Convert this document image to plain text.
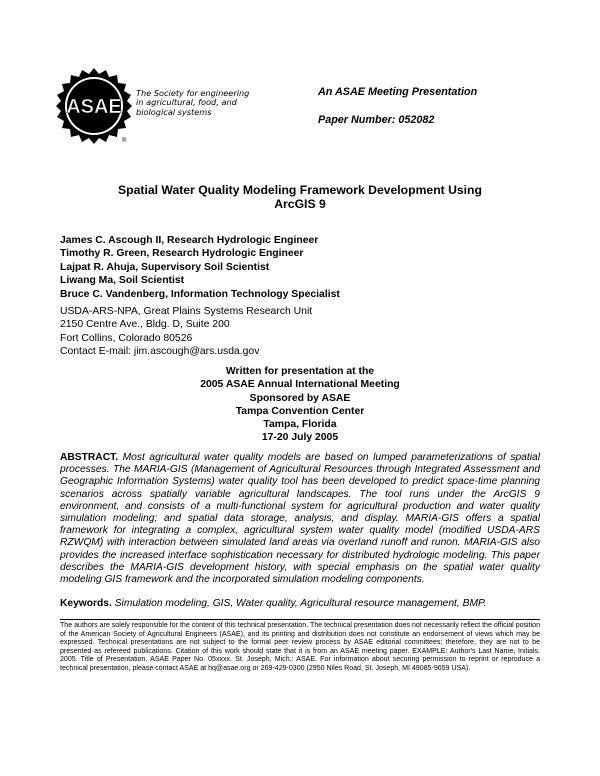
ASAE
®
The Society for engineering
in agricultural, food, and
biological systems
An ASAE Meeting Presentation
Paper Number: 052082
Spatial Water Quality Modeling Framework Development Using
ArcGIS 9
James C. Ascough II, Research Hydrologic Engineer
Timothy R. Green, Research Hydrologic Engineer
Lajpat R. Ahuja, Supervisory Soil Scientist
Liwang Ma, Soil Scientist
Bruce C. Vandenberg, Information Technology Specialist
USDA-ARS-NPA, Great Plains Systems Research Unit
2150 Centre Ave., Bldg. D, Suite 200
Fort Collins, Colorado 80526
Contact E-mail: jim.ascough@ars.usda.gov
Written for presentation at the
2005 ASAE Annual International Meeting
Sponsored by ASAE
Tampa Convention Center
Tampa, Florida
17-20 July 2005
ABSTRACT. Most agricultural water quality models are based on lumped parameterizations of spatial processes. The MARIA-GIS (Management of Agricultural Resources through Integrated Assessment and Geographic Information Systems) water quality tool has been developed to predict space-time planning scenarios across spatially variable agricultural landscapes. The tool runs under the ArcGIS 9 environment, and consists of a multi-functional system for agricultural production and water quality simulation modeling; and spatial data storage, analysis, and display. MARIA-GIS offers a spatial framework for integrating a complex, agricultural system water quality model (modified USDA-ARS RZWQM) with interaction between simulated land areas via overland runoff and runon. MARIA-GIS also provides the increased interface sophistication necessary for distributed hydrologic modeling. This paper describes the MARIA-GIS development history, with special emphasis on the spatial water quality modeling GIS framework and the incorporated simulation modeling components.
Keywords. Simulation modeling, GIS, Water quality, Agricultural resource management, BMP.
The authors are solely responsible for the content of this technical presentation. The technical presentation does not necessarily reflect the official position of the American Society of Agricultural Engineers (ASAE), and its printing and distribution does not constitute an endorsement of views which may be expressed. Technical presentations are not subject to the formal peer review process by ASAE editorial committees; therefore, they are not to be presented as refereed publications. Citation of this work should state that it is from an ASAE meeting paper. EXAMPLE: Author's Last Name, Initials. 2005. Title of Presentation. ASAE Paper No. 05xxxx. St. Joseph, Mich.: ASAE. For information about securing permission to reprint or reproduce a technical presentation, please contact ASAE at hq@asae.org or 269-429-0300 (2950 Niles Road, St. Joseph, MI 49085-9659 USA).
